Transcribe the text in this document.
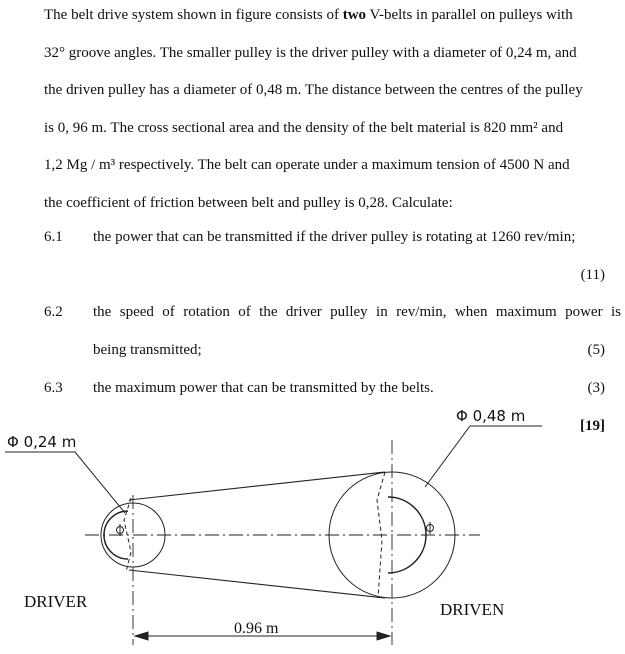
The belt drive system shown in figure consists of two V-belts in parallel on pulleys with
32° groove angles. The smaller pulley is the driver pulley with a diameter of 0,24 m, and
the driven pulley has a diameter of 0,48 m. The distance between the centres of the pulley
is 0, 96 m. The cross sectional area and the density of the belt material is 820 mm² and
1,2 Mg / m³ respectively. The belt can operate under a maximum tension of 4500 N and
the coefficient of friction between belt and pulley is 0,28. Calculate:
6.1 the power that can be transmitted if the driver pulley is rotating at 1260 rev/min;
(11)
6.2 the speed of rotation of the driver pulley in rev/min, when maximum power is
being transmitted;	(5)
6.3 the maximum power that can be transmitted by the belts.	(3)
[19]
Φ 0,24 m
Φ 0,48 m
DRIVER	DRIVEN
0.96 m
